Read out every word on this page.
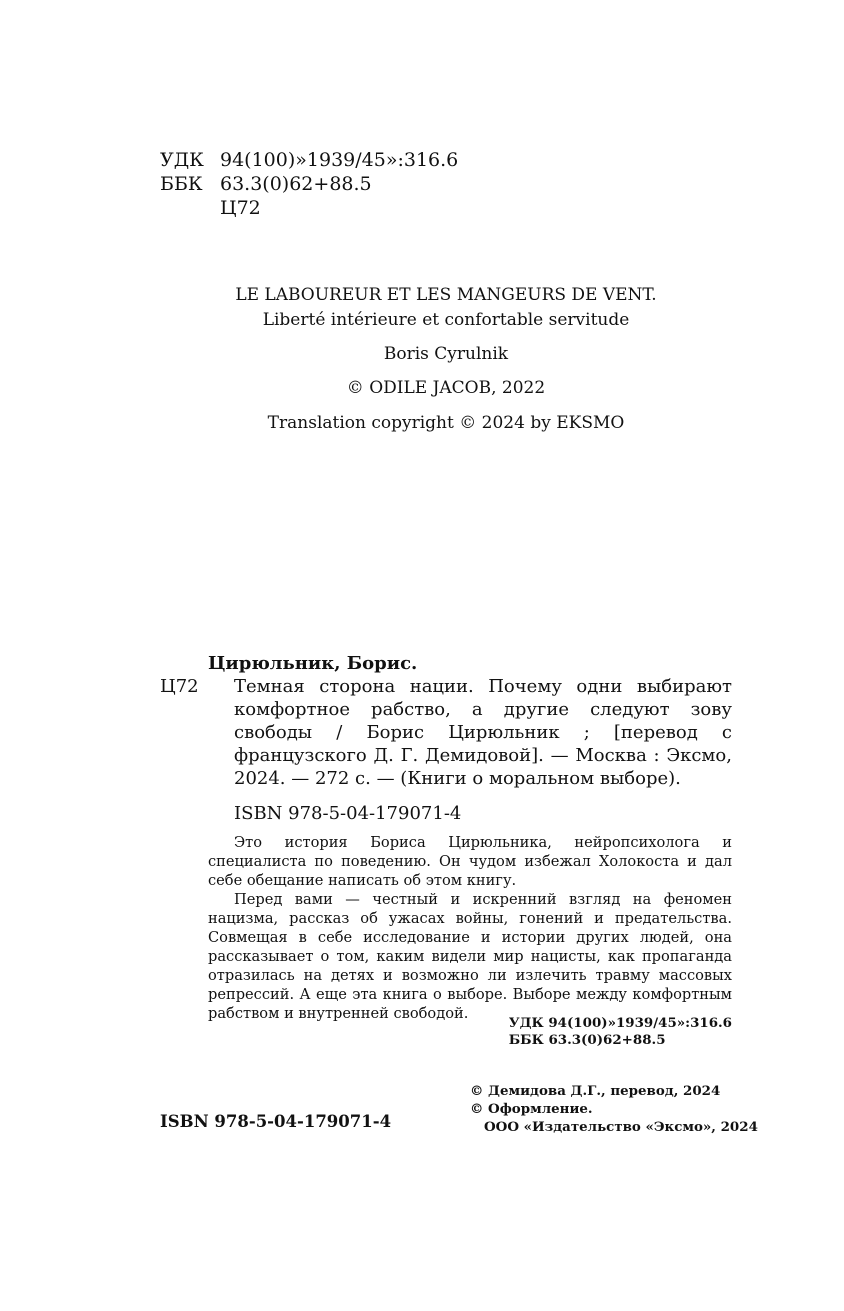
УДК 94(100)»1939/45»:316.6
ББК 63.3(0)62+88.5
Ц72
LE LABOUREUR ET LES MANGEURS DE VENT.
Liberté intérieure et confortable servitude
Boris Cyrulnik
© ODILE JACOB, 2022
Translation copyright © 2024 by EKSMO
Цирюльник, Борис.
Ц72	Темная сторона нации. Почему одни выбирают комфортное рабство, а другие следуют зову свободы / Борис Цирюльник ; [перевод с французского Д. Г. Демидовой]. — Москва : Эксмо, 2024. — 272 с. — (Книги о моральном выборе).
ISBN 978-5-04-179071-4

Это история Бориса Цирюльника, нейропсихолога и специалиста по поведению. Он чудом избежал Холокоста и дал себе обещание написать об этом книгу.

Перед вами — честный и искренний взгляд на феномен нацизма, рассказ об ужасах войны, гонений и предательства. Совмещая в себе исследование и истории других людей, она рассказывает о том, каким видели мир нацисты, как пропаганда отразилась на детях и возможно ли излечить травму массовых репрессий. А еще эта книга о выборе. Выборе между комфортным рабством и внутренней свободой.

УДК 94(100)»1939/45»:316.6
ББК 63.3(0)62+88.5
ISBN 978-5-04-179071-4
© Демидова Д.Г., перевод, 2024
© Оформление.
ООО «Издательство «Эксмо», 2024
